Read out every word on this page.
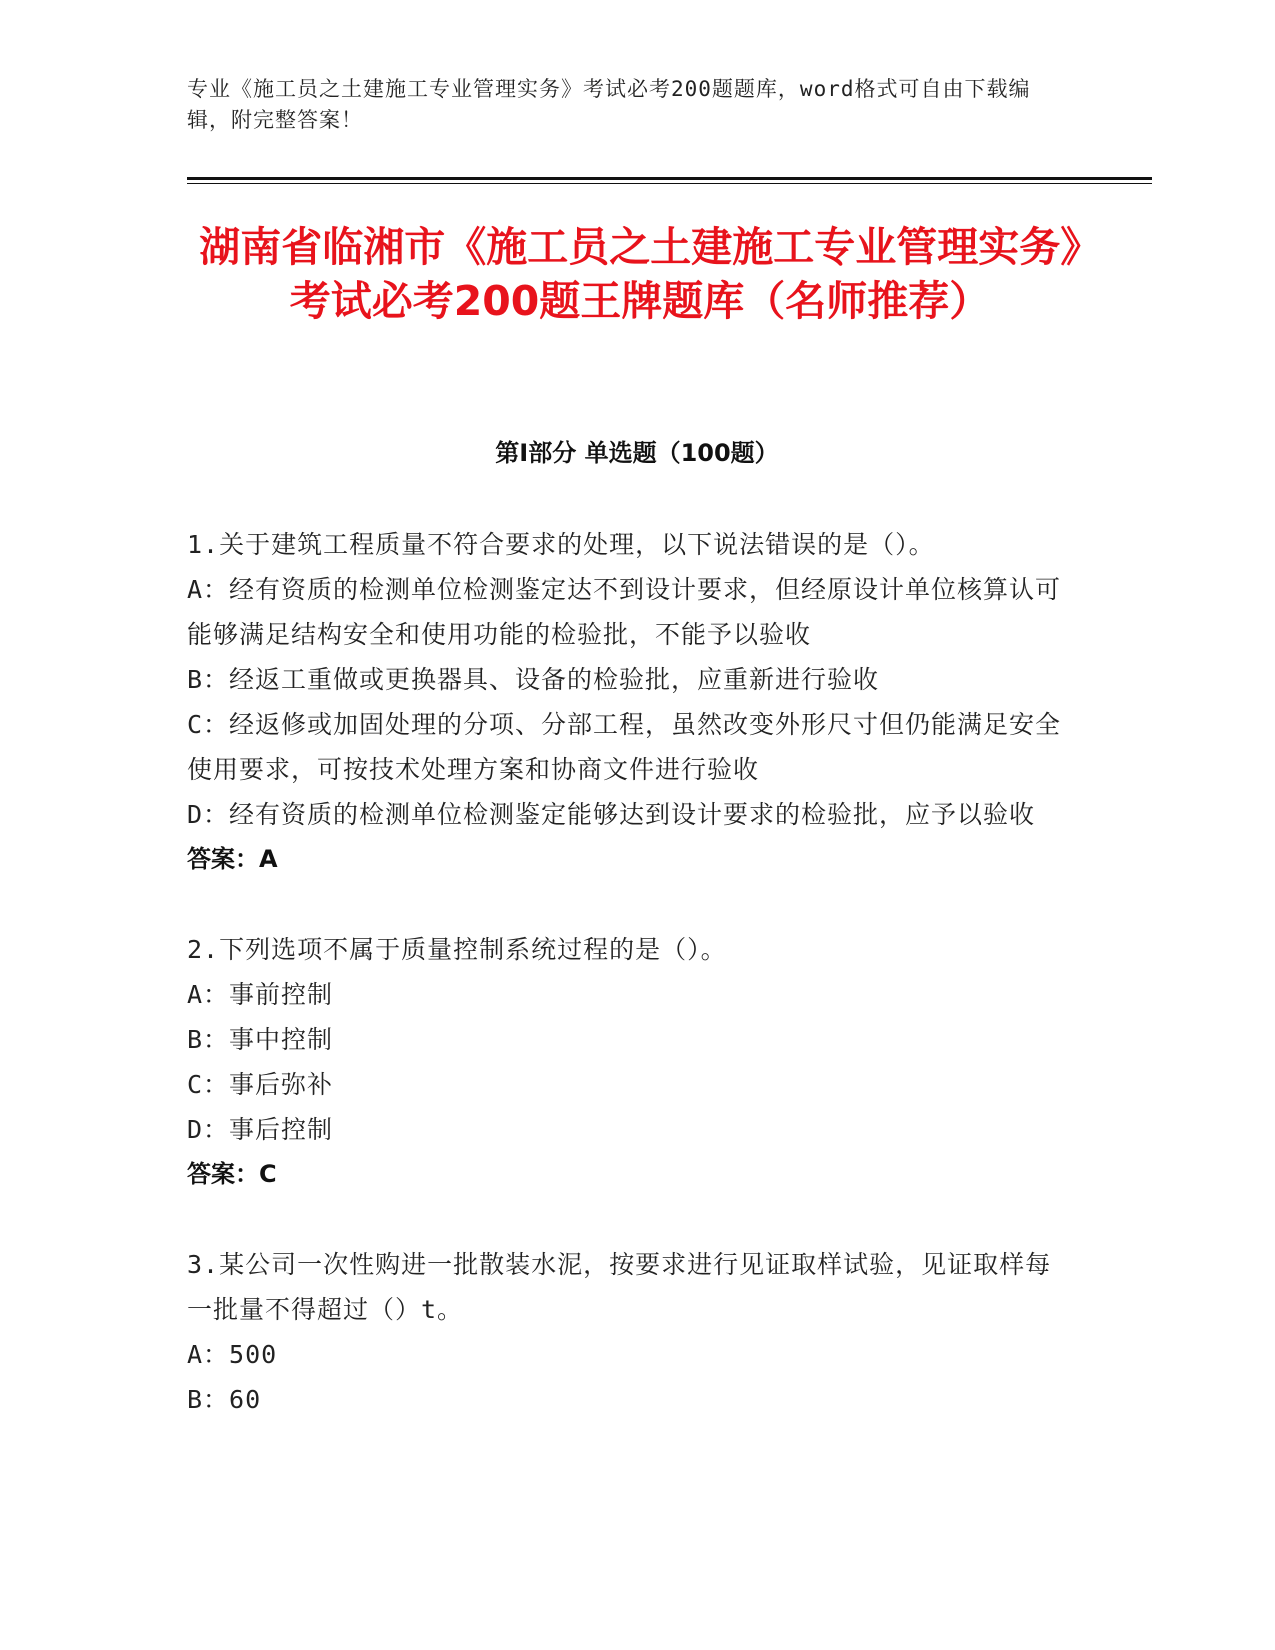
专业《施工员之土建施工专业管理实务》考试必考200题题库，word格式可自由下载编辑，附完整答案！
湖南省临湘市《施工员之土建施工专业管理实务》考试必考200题王牌题库（名师推荐）
第I部分 单选题（100题）

1.关于建筑工程质量不符合要求的处理，以下说法错误的是（）。

A：经有资质的检测单位检测鉴定达不到设计要求，但经原设计单位核算认可能够满足结构安全和使用功能的检验批，不能予以验收

B：经返工重做或更换器具、设备的检验批，应重新进行验收

C：经返修或加固处理的分项、分部工程，虽然改变外形尺寸但仍能满足安全使用要求，可按技术处理方案和协商文件进行验收

D：经有资质的检测单位检测鉴定能够达到设计要求的检验批，应予以验收

答案：A

2.下列选项不属于质量控制系统过程的是（）。

A：事前控制

B：事中控制

C：事后弥补

D：事后控制

答案：C

3.某公司一次性购进一批散装水泥，按要求进行见证取样试验，见证取样每一批量不得超过（）t。

A：500

B：60
